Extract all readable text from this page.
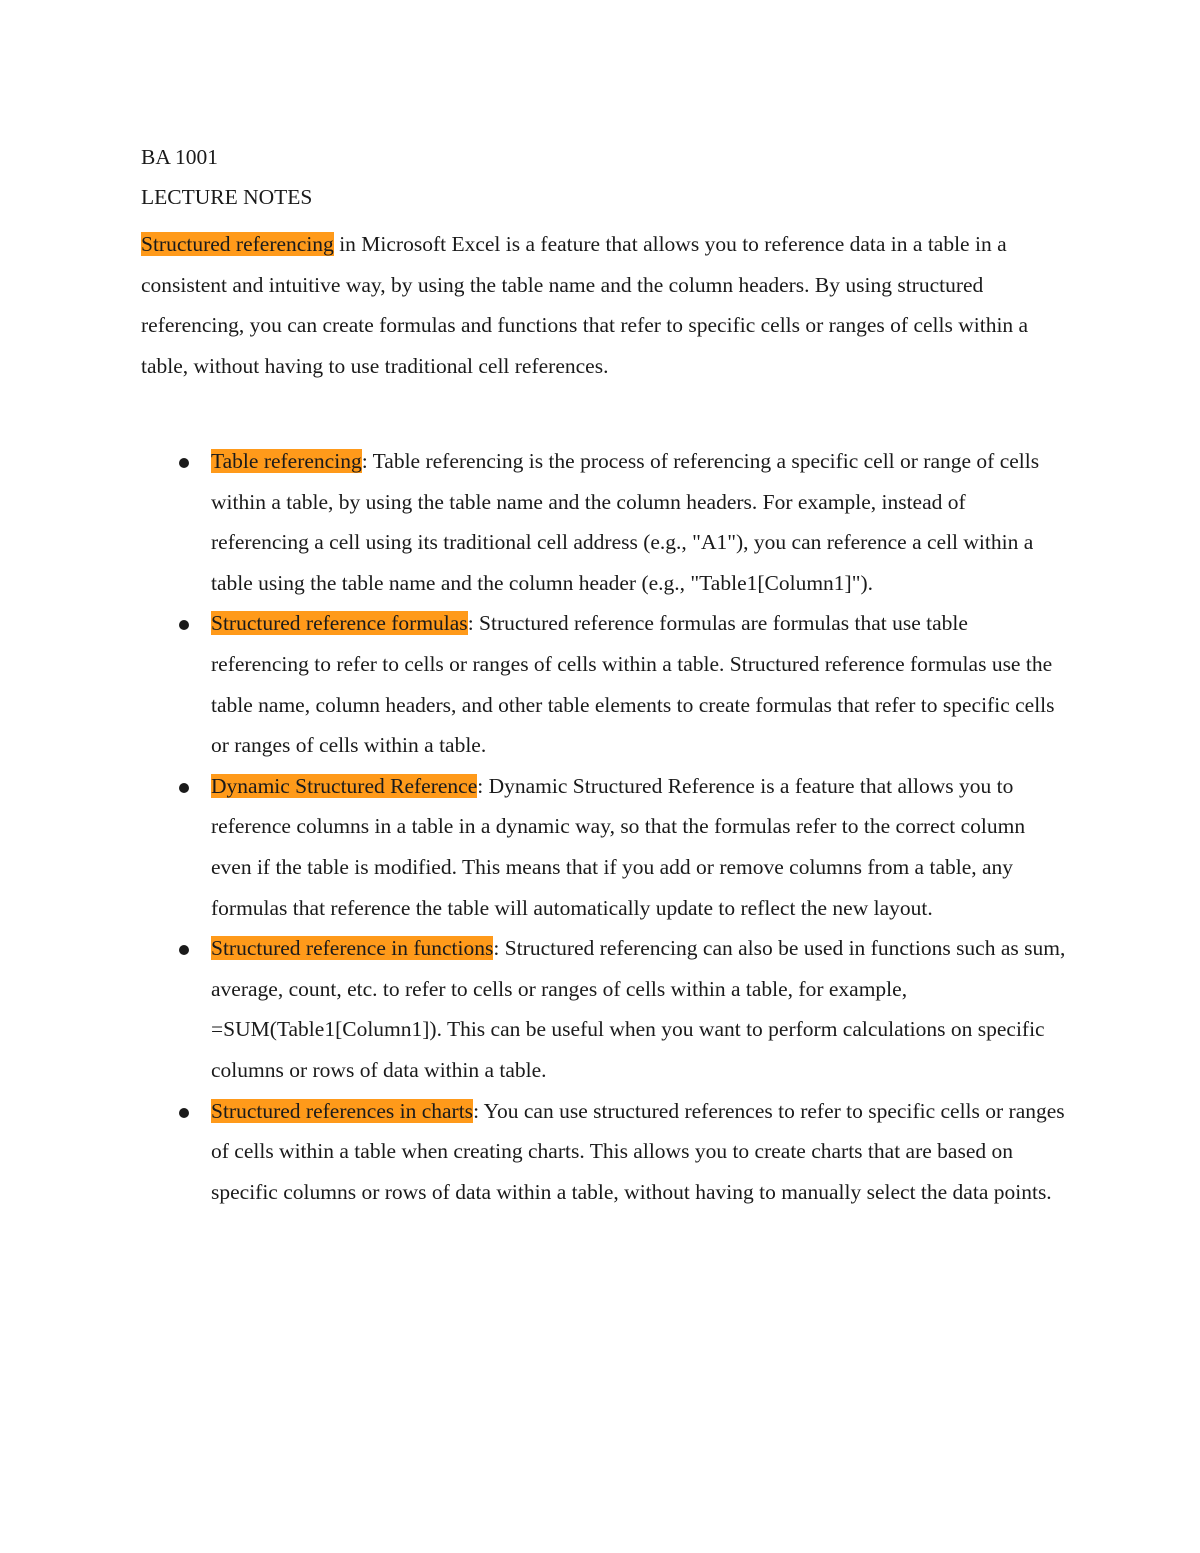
BA 1001
LECTURE NOTES

Structured referencing in Microsoft Excel is a feature that allows you to reference data in a table in a consistent and intuitive way, by using the table name and the column headers. By using structured referencing, you can create formulas and functions that refer to specific cells or ranges of cells within a table, without having to use traditional cell references.

Table referencing: Table referencing is the process of referencing a specific cell or range of cells within a table, by using the table name and the column headers. For example, instead of referencing a cell using its traditional cell address (e.g., "A1"), you can reference a cell within a table using the table name and the column header (e.g., "Table1[Column1]").
Structured reference formulas: Structured reference formulas are formulas that use table referencing to refer to cells or ranges of cells within a table. Structured reference formulas use the table name, column headers, and other table elements to create formulas that refer to specific cells or ranges of cells within a table.
Dynamic Structured Reference: Dynamic Structured Reference is a feature that allows you to reference columns in a table in a dynamic way, so that the formulas refer to the correct column even if the table is modified. This means that if you add or remove columns from a table, any formulas that reference the table will automatically update to reflect the new layout.
Structured reference in functions: Structured referencing can also be used in functions such as sum, average, count, etc. to refer to cells or ranges of cells within a table, for example, =SUM(Table1[Column1]). This can be useful when you want to perform calculations on specific columns or rows of data within a table.
Structured references in charts: You can use structured references to refer to specific cells or ranges of cells within a table when creating charts. This allows you to create charts that are based on specific columns or rows of data within a table, without having to manually select the data points.
